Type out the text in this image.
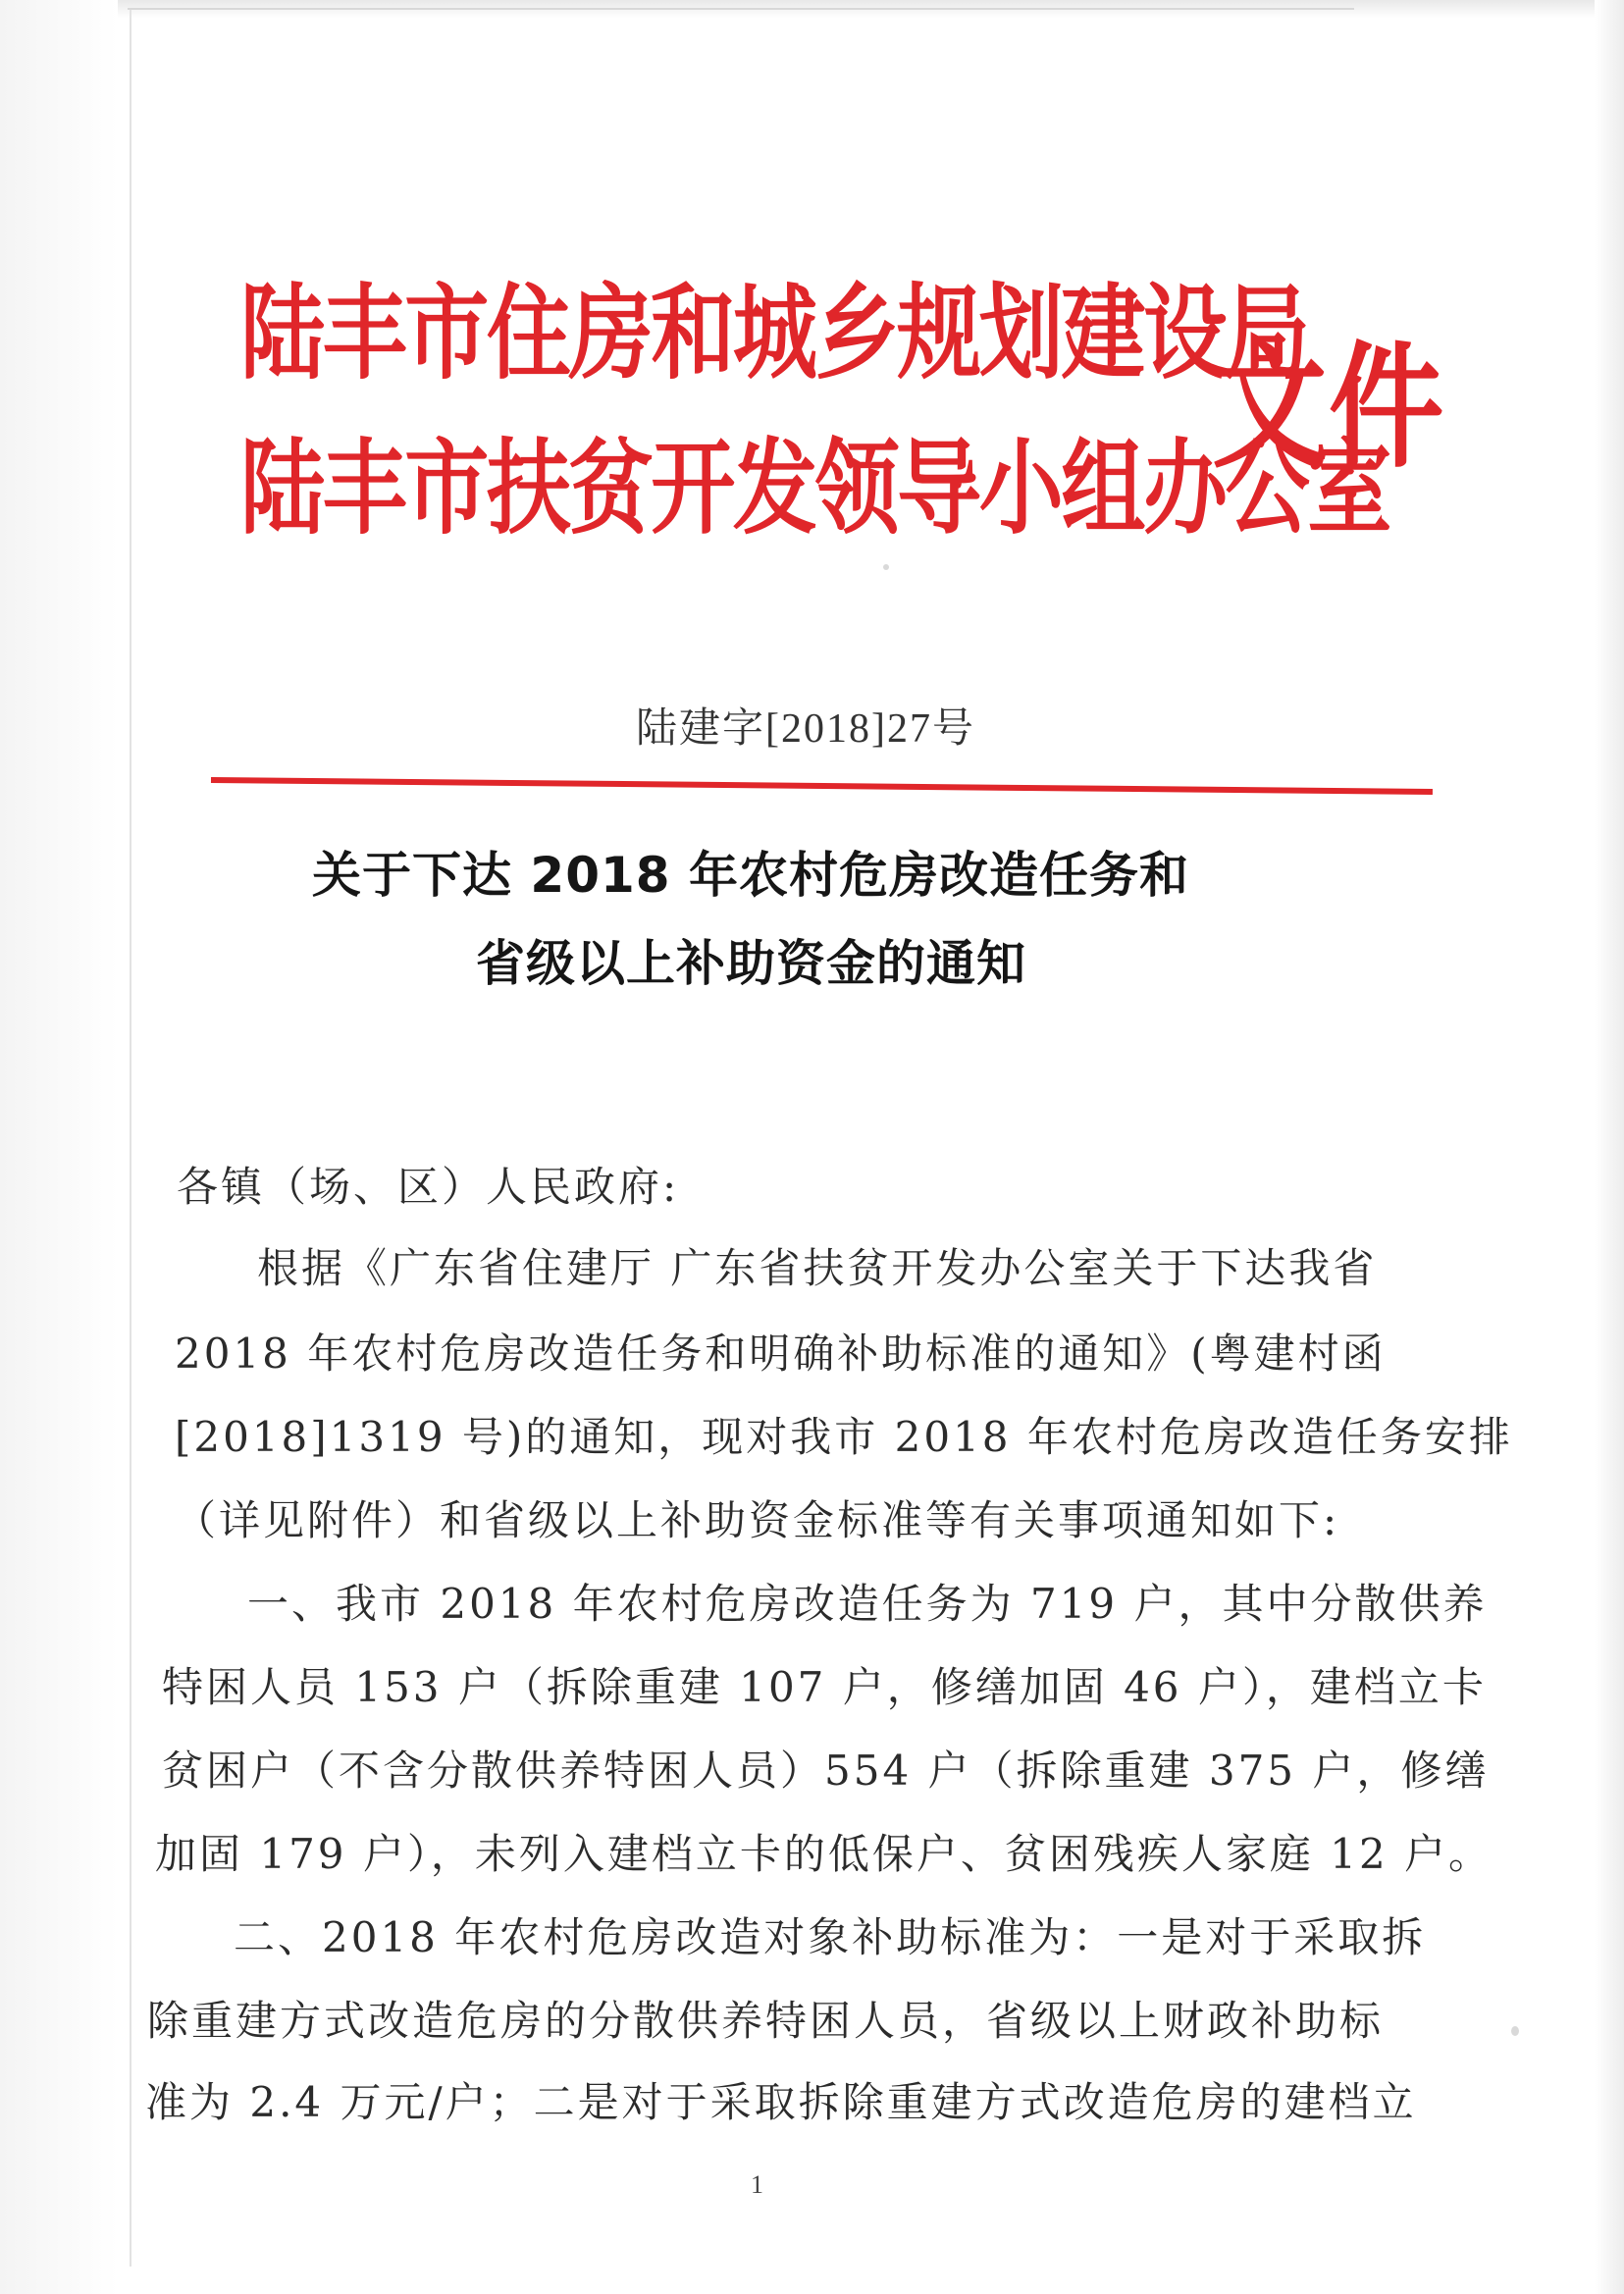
陆丰市住房和城乡规划建设局
陆丰市扶贫开发领导小组办公室
文件
陆建字[2018]27号
关于下达 2018 年农村危房改造任务和
省级以上补助资金的通知
各镇（场、区）人民政府:
根据《广东省住建厅 广东省扶贫开发办公室关于下达我省
2018 年农村危房改造任务和明确补助标准的通知》(粤建村函
[2018]1319 号)的通知，现对我市 2018 年农村危房改造任务安排
（详见附件）和省级以上补助资金标准等有关事项通知如下:
一、我市 2018 年农村危房改造任务为 719 户，其中分散供养
特困人员 153 户（拆除重建 107 户，修缮加固 46 户），建档立卡
贫困户（不含分散供养特困人员）554 户（拆除重建 375 户，修缮
加固 179 户），未列入建档立卡的低保户、贫困残疾人家庭 12 户。
二、2018 年农村危房改造对象补助标准为：一是对于采取拆
除重建方式改造危房的分散供养特困人员，省级以上财政补助标
准为 2.4 万元/户；二是对于采取拆除重建方式改造危房的建档立
1
